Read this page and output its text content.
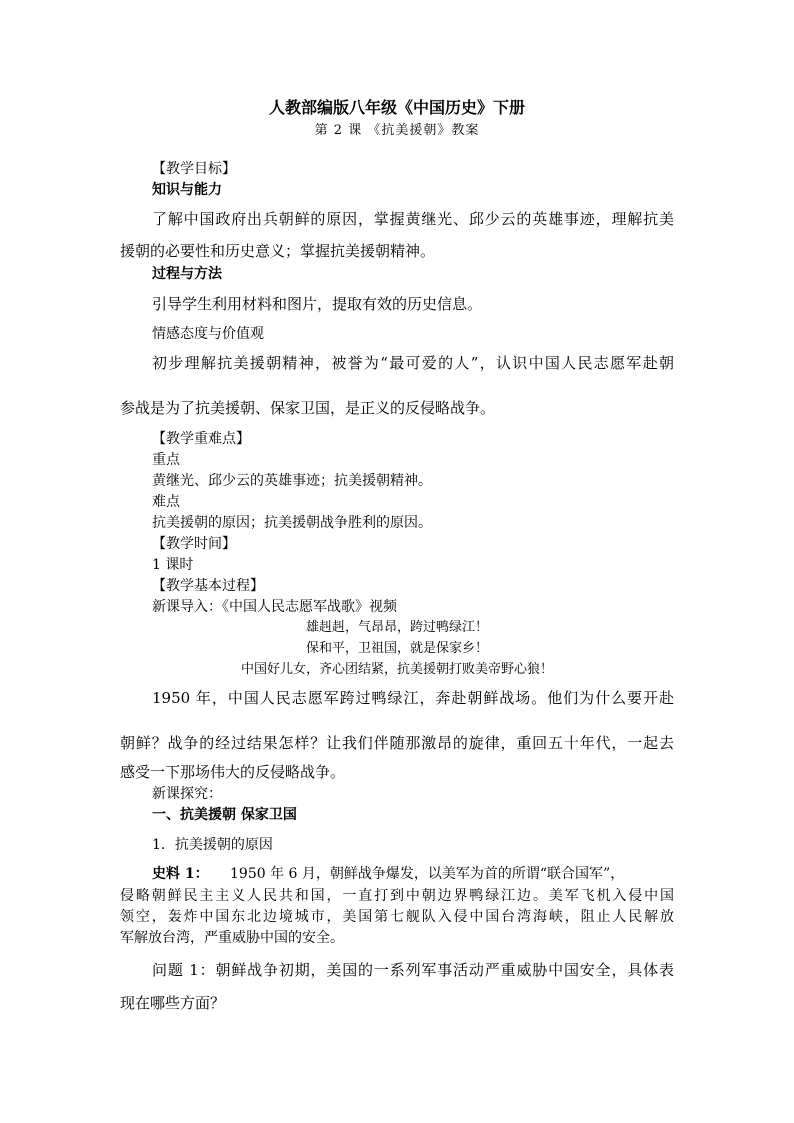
人教部编版八年级《中国历史》下册
第 2 课 《抗美援朝》教案
【教学目标】
知识与能力
了解中国政府出兵朝鲜的原因，掌握黄继光、邱少云的英雄事迹，理解抗美
援朝的必要性和历史意义；掌握抗美援朝精神。
过程与方法
引导学生利用材料和图片，提取有效的历史信息。
情感态度与价值观
初步理解抗美援朝精神，被誉为“最可爱的人”，认识中国人民志愿军赴朝
参战是为了抗美援朝、保家卫国，是正义的反侵略战争。
【教学重难点】
重点
黄继光、邱少云的英雄事迹；抗美援朝精神。
难点
抗美援朝的原因；抗美援朝战争胜利的原因。
【教学时间】
1 课时
【教学基本过程】
新课导入：《中国人民志愿军战歌》视频
雄赳赳，气昂昂，跨过鸭绿江！
保和平，卫祖国，就是保家乡！
中国好儿女，齐心团结紧，抗美援朝打败美帝野心狼！
1950 年，中国人民志愿军跨过鸭绿江，奔赴朝鲜战场。他们为什么要开赴
朝鲜？战争的经过结果怎样？让我们伴随那激昂的旋律，重回五十年代，一起去
感受一下那场伟大的反侵略战争。
新课探究：
一、抗美援朝 保家卫国
1．抗美援朝的原因
史料 1： 1950 年 6 月，朝鲜战争爆发，以美军为首的所谓“联合国军”，
侵略朝鲜民主主义人民共和国，一直打到中朝边界鸭绿江边。美军飞机入侵中国
领空，轰炸中国东北边境城市，美国第七舰队入侵中国台湾海峡，阻止人民解放
军解放台湾，严重威胁中国的安全。
问题 1：朝鲜战争初期，美国的一系列军事活动严重威胁中国安全，具体表
现在哪些方面？
